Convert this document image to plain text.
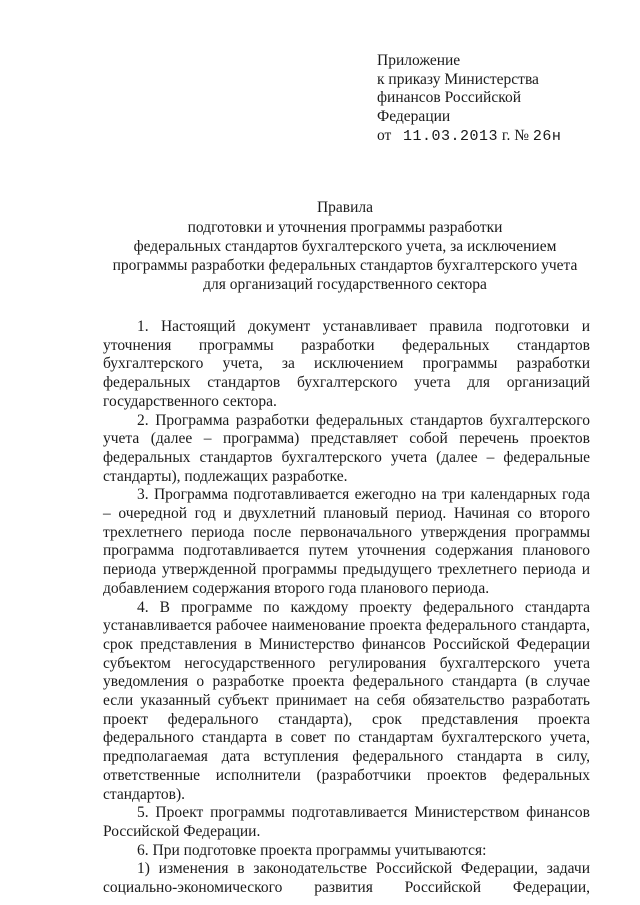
Приложение
к приказу Министерства
финансов Российской
Федерации
от 11.03.2013 г. № 26н
Правила
подготовки и уточнения программы разработки
федеральных стандартов бухгалтерского учета, за исключением
программы разработки федеральных стандартов бухгалтерского учета
для организаций государственного сектора

1. Настоящий документ устанавливает правила подготовки и уточнения программы разработки федеральных стандартов бухгалтерского учета, за исключением программы разработки федеральных стандартов бухгалтерского учета для организаций государственного сектора.

2. Программа разработки федеральных стандартов бухгалтерского учета (далее – программа) представляет собой перечень проектов федеральных стандартов бухгалтерского учета (далее – федеральные стандарты), подлежащих разработке.

3. Программа подготавливается ежегодно на три календарных года – очередной год и двухлетний плановый период. Начиная со второго трехлетнего периода после первоначального утверждения программы программа подготавливается путем уточнения содержания планового периода утвержденной программы предыдущего трехлетнего периода и добавлением содержания второго года планового периода.

4. В программе по каждому проекту федерального стандарта устанавливается рабочее наименование проекта федерального стандарта, срок представления в Министерство финансов Российской Федерации субъектом негосударственного регулирования бухгалтерского учета уведомления о разработке проекта федерального стандарта (в случае если указанный субъект принимает на себя обязательство разработать проект федерального стандарта), срок представления проекта федерального стандарта в совет по стандартам бухгалтерского учета, предполагаемая дата вступления федерального стандарта в силу, ответственные исполнители (разработчики проектов федеральных стандартов).

5. Проект программы подготавливается Министерством финансов Российской Федерации.

6. При подготовке проекта программы учитываются:

1) изменения в законодательстве Российской Федерации, задачи социально-экономического развития Российской Федерации,
